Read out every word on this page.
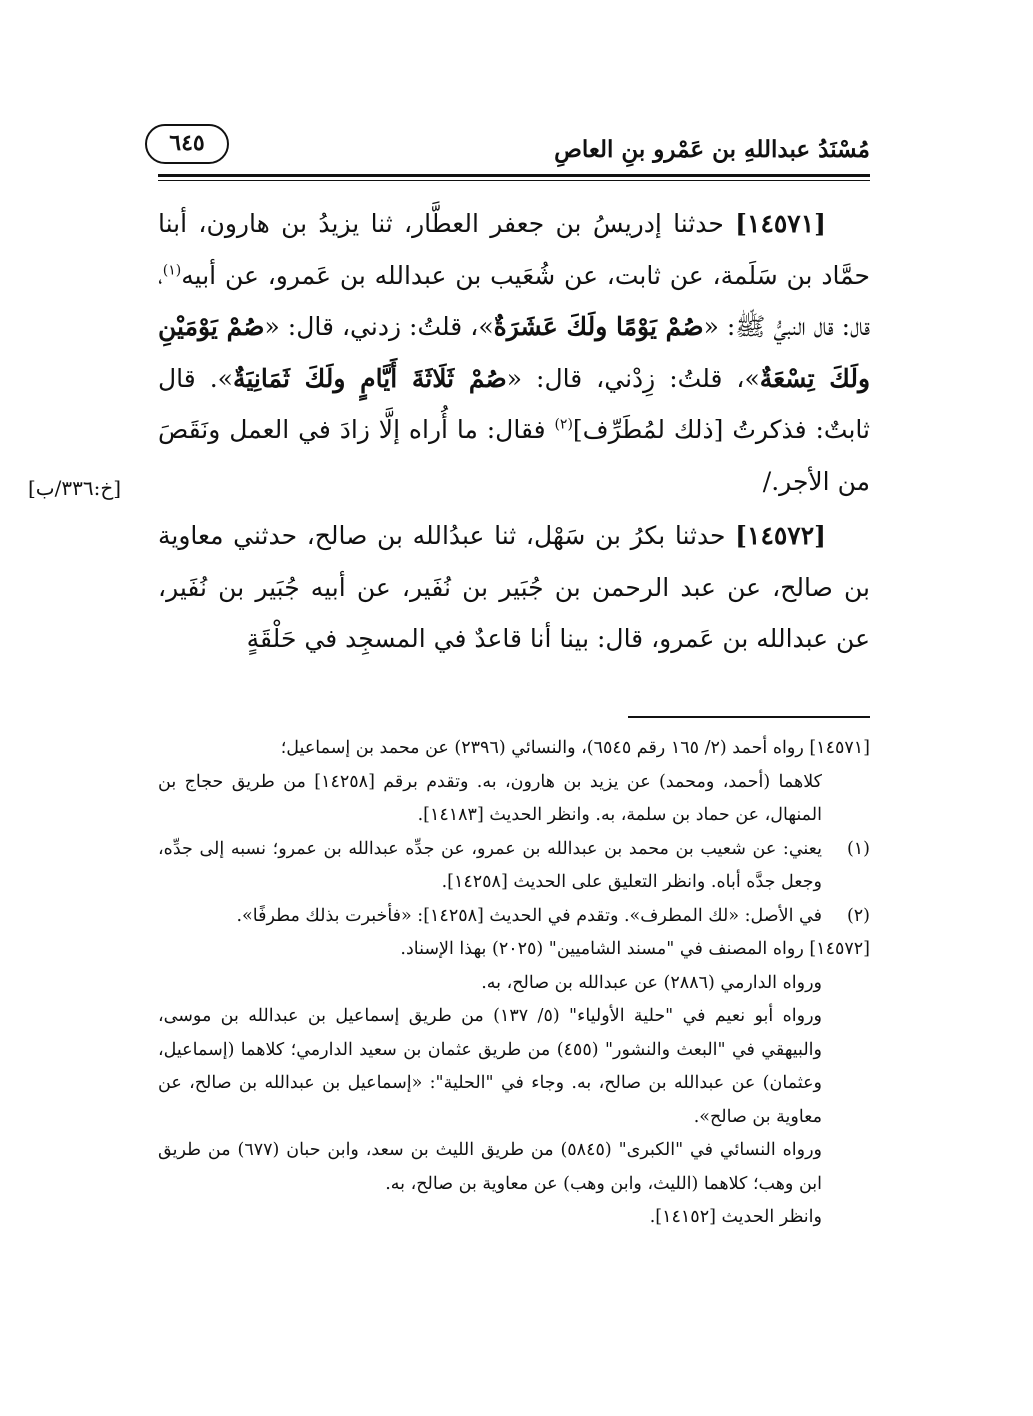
مُسْنَدُ عبداللهِ بن عَمْرو بنِ العاصِ
٦٤٥

[١٤٥٧١] حدثنا إدريسُ بن جعفر العطَّار، ثنا يزيدُ بن هارون، أبنا حمَّاد بن سَلَمة، عن ثابت، عن شُعَيب بن عبدالله بن عَمرو، عن أبيه$^{(١)}$، قال: قال النبيُّ ﷺ: «صُمْ يَوْمًا ولَكَ عَشَرَةٌ»، قلتُ: زدني، قال: «صُمْ يَوْمَيْنِ ولَكَ تِسْعَةٌ»، قلتُ: زِدْني، قال: «صُمْ ثَلَاثَةَ أَيَّامٍ ولَكَ ثَمَانِيَةٌ». قال ثابتٌ: فذكرتُ [ذلك لمُطَرِّف]$^{(٢)}$ فقال: ما أُراه إلَّا زادَ في العمل ونَقَصَ من الأجر./

[١٤٥٧٢] حدثنا بكرُ بن سَهْل، ثنا عبدُالله بن صالح، حدثني معاوية بن صالح، عن عبد الرحمن بن جُبَير بن نُفَير، عن أبيه جُبَير بن نُفَير، عن عبدالله بن عَمرو، قال: بينا أنا قاعدٌ في المسجِد في حَلْقَةٍ

[خ:٣٣٦/ب]

[١٤٥٧١] رواه أحمد (٢/ ١٦٥ رقم ٦٥٤٥)، والنسائي (٢٣٩٦) عن محمد بن إسماعيل؛

كلاهما (أحمد، ومحمد) عن يزيد بن هارون، به. وتقدم برقم [١٤٢٥٨] من طريق حجاج بن المنهال، عن حماد بن سلمة، به. وانظر الحديث [١٤١٨٣].

(١)
يعني: عن شعيب بن محمد بن عبدالله بن عمرو، عن جدِّه عبدالله بن عمرو؛ نسبه إلى جدِّه، وجعل جدَّه أباه. وانظر التعليق على الحديث [١٤٢٥٨].

(٢)
في الأصل: «لك المطرف». وتقدم في الحديث [١٤٢٥٨]: «فأخبرت بذلك مطرفًا».

[١٤٥٧٢] رواه المصنف في "مسند الشاميين" (٢٠٢٥) بهذا الإسناد.

ورواه الدارمي (٢٨٨٦) عن عبدالله بن صالح، به.

ورواه أبو نعيم في "حلية الأولياء" (٥/ ١٣٧) من طريق إسماعيل بن عبدالله بن موسى، والبيهقي في "البعث والنشور" (٤٥٥) من طريق عثمان بن سعيد الدارمي؛ كلاهما (إسماعيل، وعثمان) عن عبدالله بن صالح، به. وجاء في "الحلية": «إسماعيل بن عبدالله بن صالح، عن معاوية بن صالح».

ورواه النسائي في "الكبرى" (٥٨٤٥) من طريق الليث بن سعد، وابن حبان (٦٧٧) من طريق ابن وهب؛ كلاهما (الليث، وابن وهب) عن معاوية بن صالح، به.

وانظر الحديث [١٤١٥٢].
